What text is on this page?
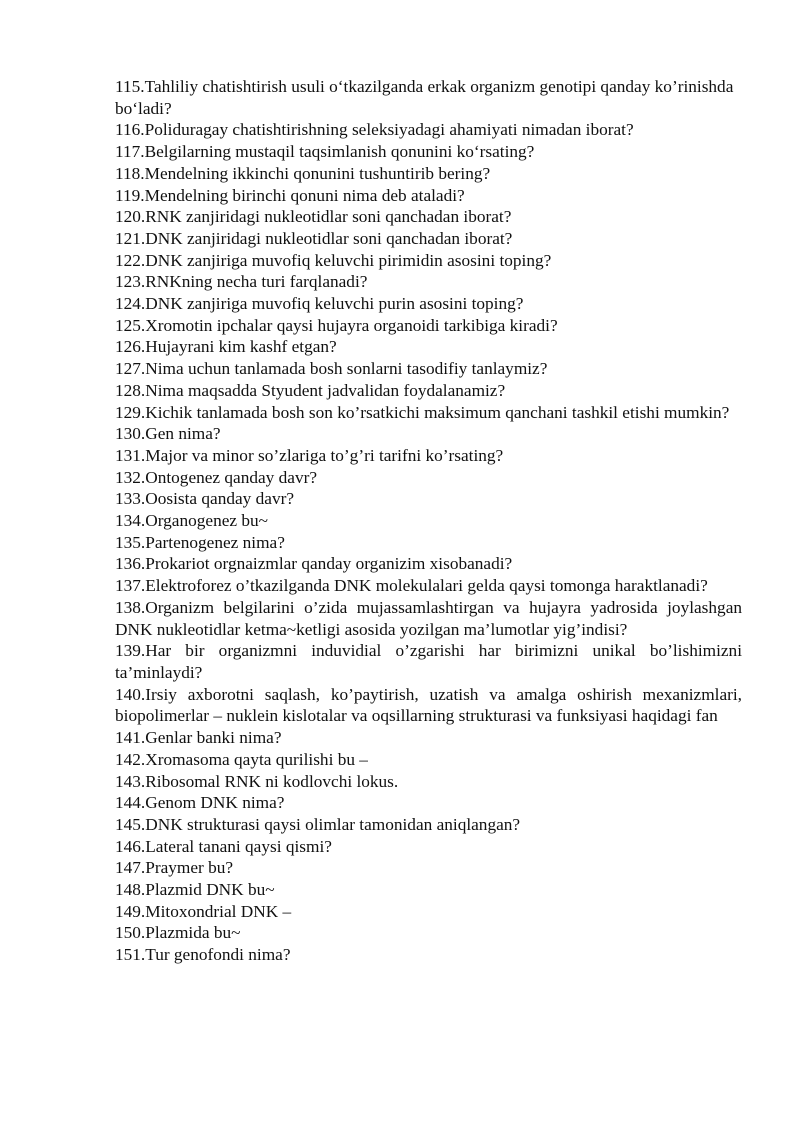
115.Tahliliy chatishtirish usuli o‘tkazilganda erkak organizm genotipi qanday ko’rinishda bo‘ladi?

116.Poliduragay chatishtirishning seleksiyadagi ahamiyati nimadan iborat?

117.Belgilarning mustaqil taqsimlanish qonunini ko‘rsating?

118.Mendelning ikkinchi qonunini tushuntirib bering?

119.Mendelning birinchi qonuni nima deb ataladi?

120.RNK zanjiridagi nukleotidlar soni qanchadan iborat?

121.DNK zanjiridagi nukleotidlar soni qanchadan iborat?

122.DNK zanjiriga muvofiq keluvchi pirimidin asosini toping?

123.RNKning necha turi farqlanadi?

124.DNK zanjiriga muvofiq keluvchi purin asosini toping?

125.Xromotin ipchalar qaysi hujayra organoidi tarkibiga kiradi?

126.Hujayrani kim kashf etgan?

127.Nima uchun tanlamada bosh sonlarni tasodifiy tanlaymiz?

128.Nima maqsadda Styudent jadvalidan foydalanamiz?

129.Kichik tanlamada bosh son ko’rsatkichi maksimum qanchani tashkil etishi mumkin?

130.Gen nima?

131.Major va minor so’zlariga to’g’ri tarifni ko’rsating?

132.Ontogenez qanday davr?

133.Oosista qanday davr?

134.Organogenez bu~

135.Partenogenez nima?

136.Prokariot orgnaizmlar qanday organizim xisobanadi?

137.Elektroforez o’tkazilganda DNK molekulalari gelda qaysi tomonga haraktlanadi?

138.Organizm belgilarini o’zida mujassamlashtirgan va hujayra yadrosida joylashgan DNK nukleotidlar ketma~ketligi asosida yozilgan ma’lumotlar yig’indisi?

139.Har bir organizmni induvidial o’zgarishi har birimizni unikal bo’lishimizni ta’minlaydi?

140.Irsiy axborotni saqlash, ko’paytirish, uzatish va amalga oshirish mexanizmlari, biopolimerlar – nuklein kislotalar va oqsillarning strukturasi va funksiyasi haqidagi fan

141.Genlar banki nima?

142.Xromasoma qayta qurilishi bu –

143.Ribosomal RNK ni kodlovchi lokus.

144.Genom DNK nima?

145.DNK strukturasi qaysi olimlar tamonidan aniqlangan?

146.Lateral tanani qaysi qismi?

147.Praymer bu?

148.Plazmid DNK bu~

149.Mitoxondrial DNK –

150.Plazmida bu~

151.Tur genofondi nima?
